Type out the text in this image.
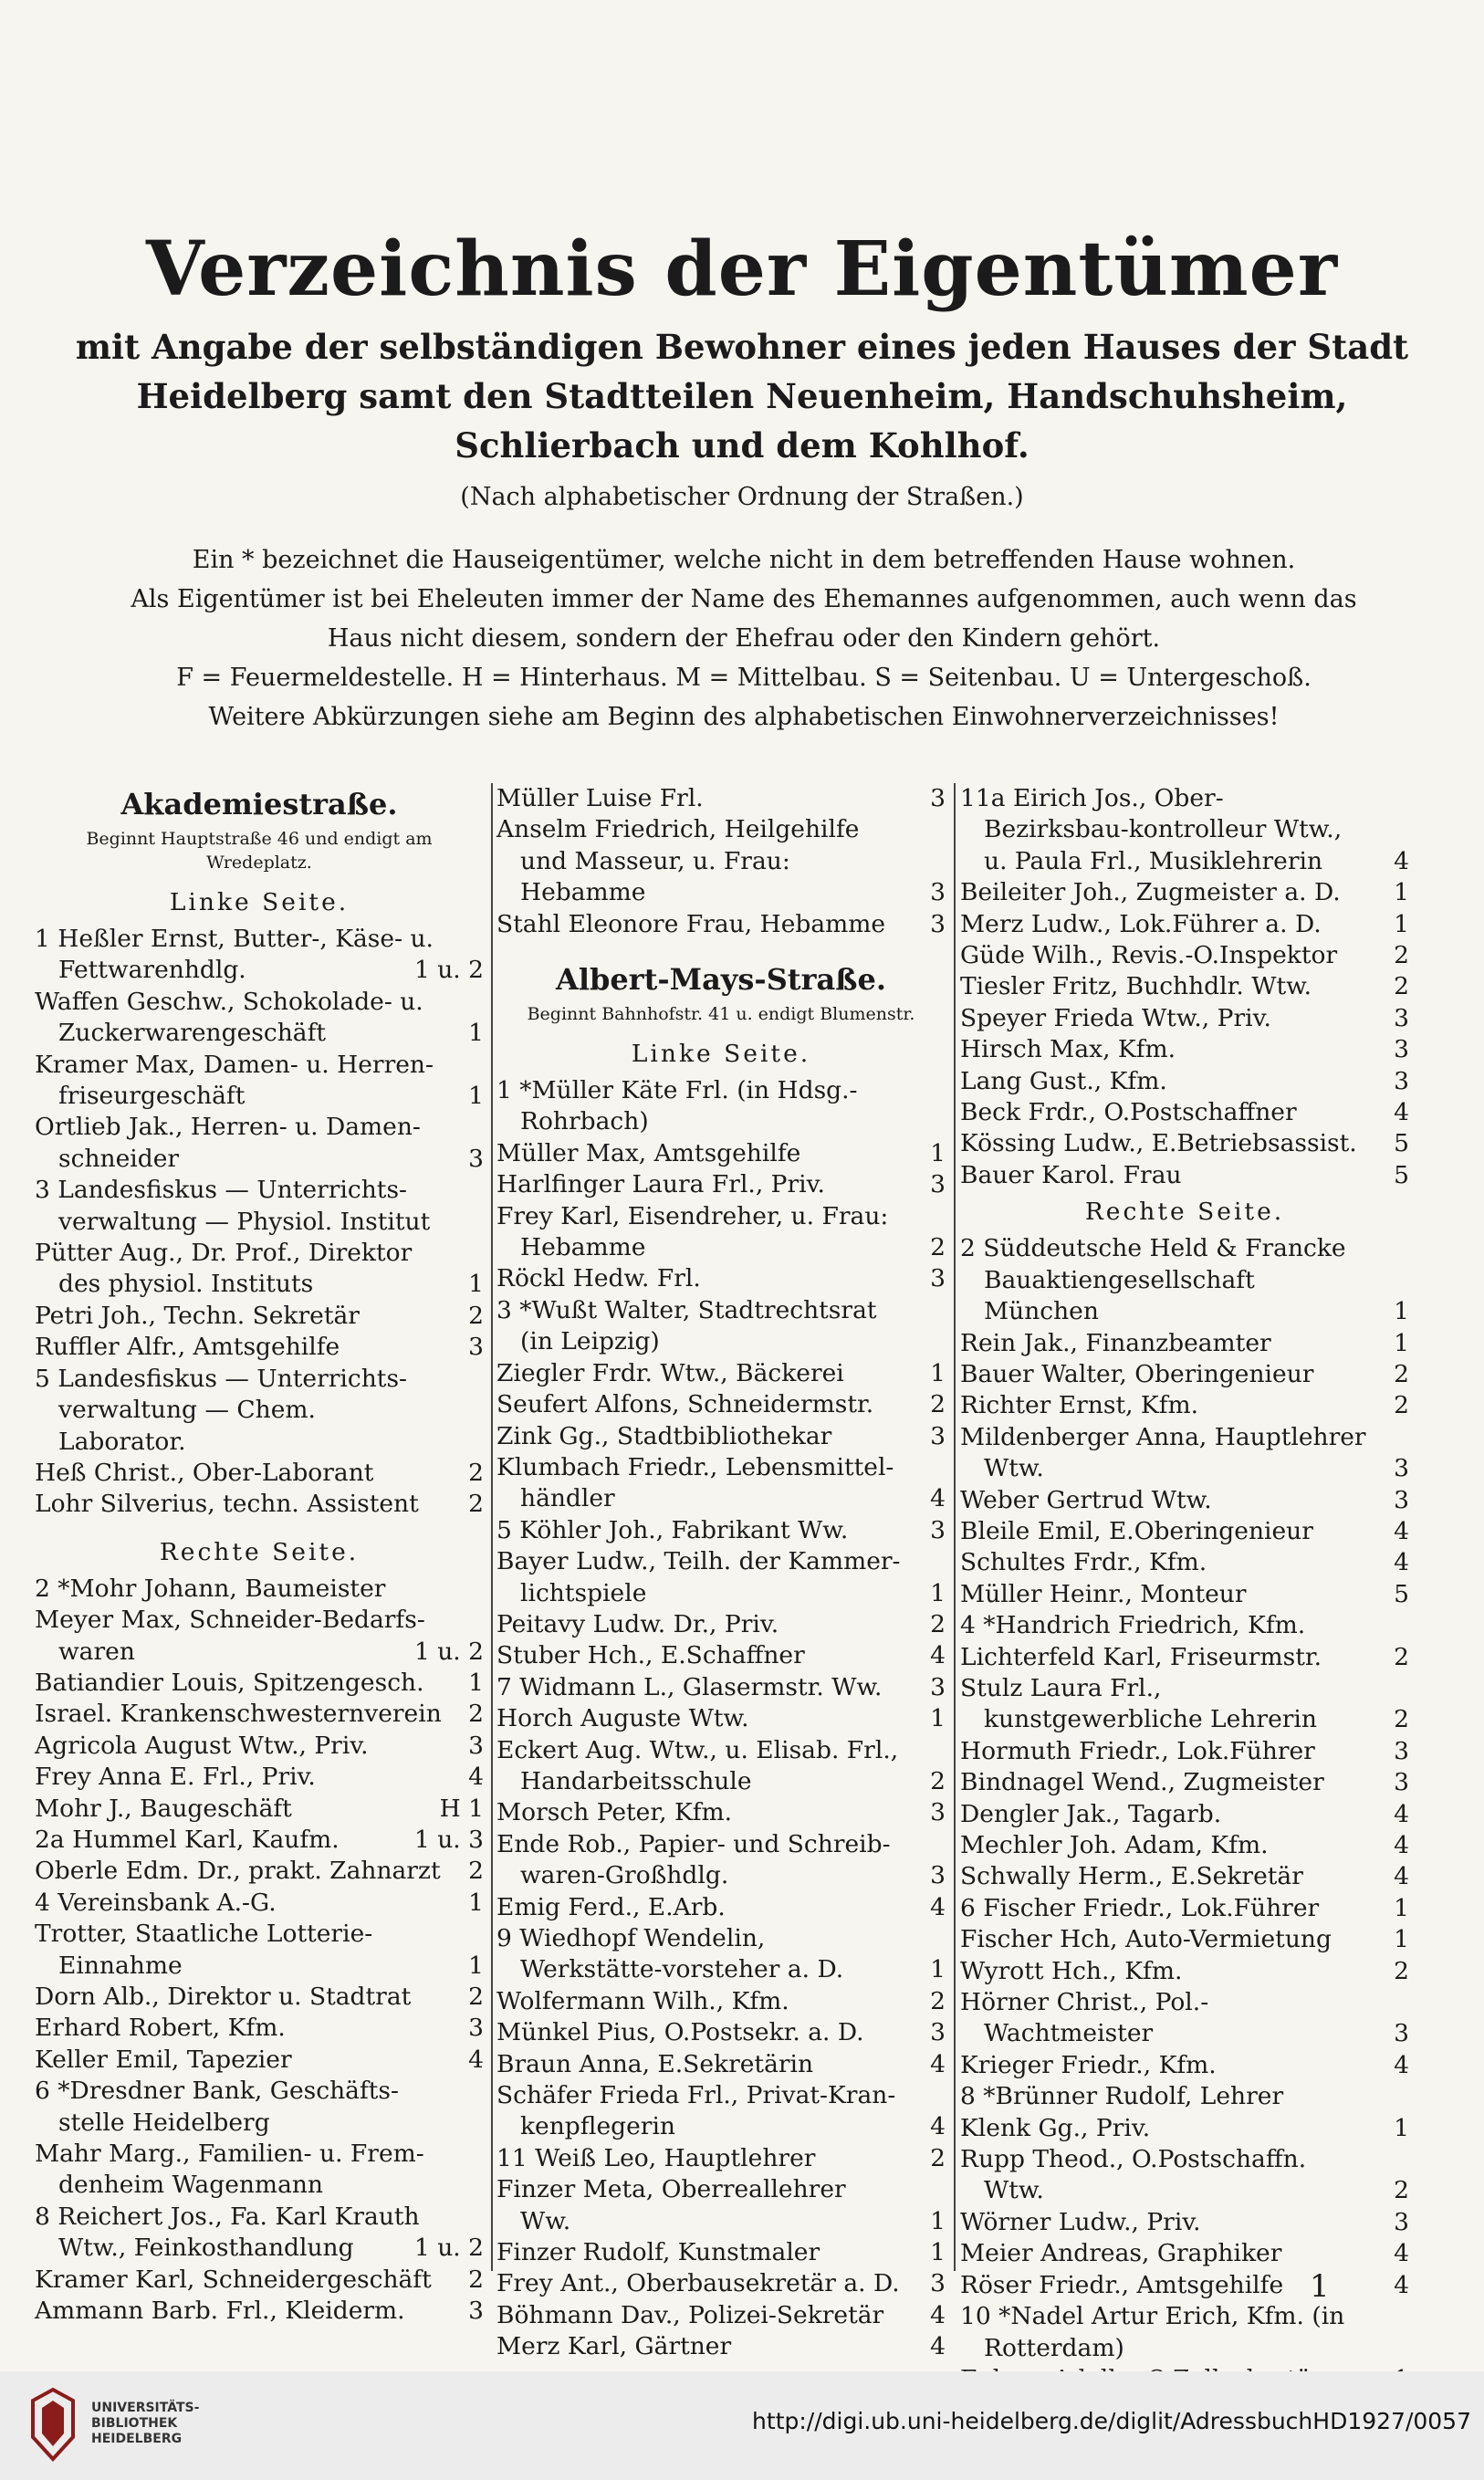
Verzeichnis der Eigentümer
mit Angabe der selbständigen Bewohner eines jeden Hauses der Stadt Heidelberg samt den Stadtteilen Neuenheim, Handschuhsheim, Schlierbach und dem Kohlhof.
(Nach alphabetischer Ordnung der Straßen.)
Ein * bezeichnet die Hauseigentümer, welche nicht in dem betreffenden Hause wohnen.
Als Eigentümer ist bei Eheleuten immer der Name des Ehemannes aufgenommen, auch wenn das
Haus nicht diesem, sondern der Ehefrau oder den Kindern gehört.
F = Feuermeldestelle. H = Hinterhaus. M = Mittelbau. S = Seitenbau. U = Untergeschoß.
Weitere Abkürzungen siehe am Beginn des alphabetischen Einwohnerverzeichnisses!
Akademiestraße.
Beginnt Hauptstraße 46 und endigt am Wredeplatz.
Linke Seite.
1 Heßler Ernst, Butter-, Käse- u. Fettwarenhdlg.	1 u. 2
Waffen Geschw., Schokolade- u. Zuckerwarengeschäft	1
Kramer Max, Damen- u. Herren-friseurgeschäft	1
Ortlieb Jak., Herren- u. Damen-schneider	3
3 Landesfiskus — Unterrichts-verwaltung — Physiol. Institut
Pütter Aug., Dr. Prof., Direktor des physiol. Instituts	1
Petri Joh., Techn. Sekretär	2
Ruffler Alfr., Amtsgehilfe	3
5 Landesfiskus — Unterrichts-verwaltung — Chem. Laborator.
Heß Christ., Ober-Laborant	2
Lohr Silverius, techn. Assistent 2
Rechte Seite.
2 *Mohr Johann, Baumeister
Meyer Max, Schneider-Bedarfs-waren	1 u. 2
Batiandier Louis, Spitzengesch. 1
Israel. Krankenschwesternverein 2
Agricola August Wtw., Priv.	3
Frey Anna E. Frl., Priv.	4
Mohr J., Baugeschäft	H 1
2a Hummel Karl, Kaufm.	1 u. 3
Oberle Edm. Dr., prakt. Zahnarzt 2
4 Vereinsbank A.-G.	1
Trotter, Staatliche Lotterie-Einnahme	1
Dorn Alb., Direktor u. Stadtrat 2
Erhard Robert, Kfm.	3
Keller Emil, Tapezier	4
6 *Dresdner Bank, Geschäfts-stelle Heidelberg
Mahr Marg., Familien- u. Frem-denheim Wagenmann
8 Reichert Jos., Fa. Karl Krauth Wtw., Feinkosthandlung	1 u. 2
Kramer Karl, Schneidergeschäft 2
Ammann Barb. Frl., Kleiderm.	3
Müller Luise Frl.	3
Anselm Friedrich, Heilgehilfe und Masseur, u. Frau: Hebamme	3
Stahl Eleonore Frau, Hebamme 3
Albert-Mays-Straße.
Beginnt Bahnhofstr. 41 u. endigt Blumenstr.
Linke Seite.
1 *Müller Käte Frl. (in Hdsg.-Rohrbach)
Müller Max, Amtsgehilfe	1
Harlfinger Laura Frl., Priv.	3
Frey Karl, Eisendreher, u. Frau: Hebamme	2
Röckl Hedw. Frl.	3
3 *Wußt Walter, Stadtrechtsrat (in Leipzig)
Ziegler Frdr. Wtw., Bäckerei	1
Seufert Alfons, Schneidermstr. 2
Zink Gg., Stadtbibliothekar	3
Klumbach Friedr., Lebensmittel-händler	4
5 Köhler Joh., Fabrikant Ww.	3
Bayer Ludw., Teilh. der Kammer-lichtspiele	1
Peitavy Ludw. Dr., Priv.	2
Stuber Hch., E.Schaffner	4
7 Widmann L., Glasermstr. Ww. 3
Horch Auguste Wtw.	1
Eckert Aug. Wtw., u. Elisab. Frl., Handarbeitsschule	2
Morsch Peter, Kfm.	3
Ende Rob., Papier- und Schreib-waren-Großhdlg.	3
Emig Ferd., E.Arb.	4
9 Wiedhopf Wendelin, Werkstätte-vorsteher a. D.	1
Wolfermann Wilh., Kfm.	2
Münkel Pius, O.Postsekr. a. D.	3
Braun Anna, E.Sekretärin	4
Schäfer Frieda Frl., Privat-Kran-kenpflegerin	4
11 Weiß Leo, Hauptlehrer	2
Finzer Meta, Oberreallehrer Ww.	1
Finzer Rudolf, Kunstmaler	1
Frey Ant., Oberbausekretär a. D. 3
Böhmann Dav., Polizei-Sekretär 4
Merz Karl, Gärtner	4
11a Eirich Jos., Ober-Bezirksbau-kontrolleur Wtw., u. Paula Frl., Musiklehrerin	4
Beileiter Joh., Zugmeister a. D. 1
Merz Ludw., Lok.Führer a. D.	1
Güde Wilh., Revis.-O.Inspektor 2
Tiesler Fritz, Buchhdlr. Wtw.	2
Speyer Frieda Wtw., Priv.	3
Hirsch Max, Kfm.	3
Lang Gust., Kfm.	3
Beck Frdr., O.Postschaffner	4
Kössing Ludw., E.Betriebsassist. 5
Bauer Karol. Frau	5
Rechte Seite.
2 Süddeutsche Held & Francke Bauaktiengesellschaft München	1
Rein Jak., Finanzbeamter	1
Bauer Walter, Oberingenieur	2
Richter Ernst, Kfm.	2
Mildenberger Anna, Hauptlehrer Wtw.	3
Weber Gertrud Wtw.	3
Bleile Emil, E.Oberingenieur	4
Schultes Frdr., Kfm.	4
Müller Heinr., Monteur	5
4 *Handrich Friedrich, Kfm.
Lichterfeld Karl, Friseurmstr.	2
Stulz Laura Frl., kunstgewerbliche Lehrerin	2
Hormuth Friedr., Lok.Führer	3
Bindnagel Wend., Zugmeister	3
Dengler Jak., Tagarb.	4
Mechler Joh. Adam, Kfm.	4
Schwally Herm., E.Sekretär	4
6 Fischer Friedr., Lok.Führer	1
Fischer Hch, Auto-Vermietung	1
Wyrott Hch., Kfm.	2
Hörner Christ., Pol.-Wachtmeister	3
Krieger Friedr., Kfm.	4
8 *Brünner Rudolf, Lehrer
Klenk Gg., Priv.	1
Rupp Theod., O.Postschaffn. Wtw.	2
Wörner Ludw., Priv.	3
Meier Andreas, Graphiker	4
Röser Friedr., Amtsgehilfe	4
10 *Nadel Artur Erich, Kfm. (in Rotterdam)
1
UNIVERSITÄTS-
BIBLIOTHEK
HEIDELBERG
http://digi.ub.uni-heidelberg.de/diglit/AdressbuchHD1927/0057
